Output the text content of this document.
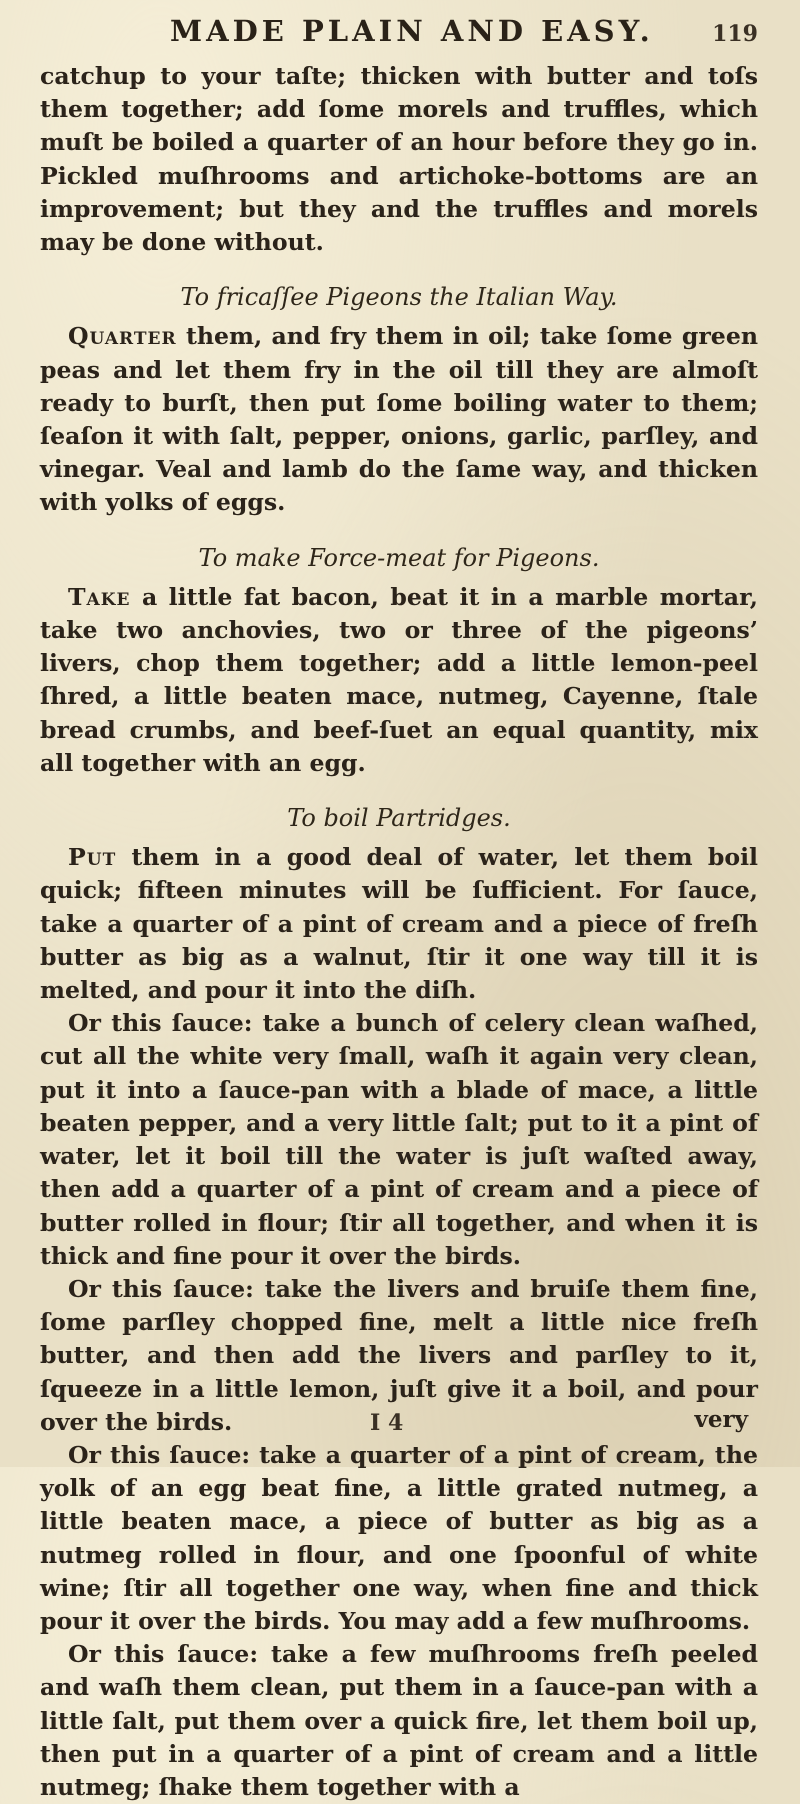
MADE PLAIN AND EASY.	119

catchup to your taſte; thicken with butter and toſs them together; add ſome morels and truffles, which muſt be boiled a quarter of an hour before they go in. Pickled muſhrooms and artichoke-bottoms are an improvement; but they and the truffles and morels may be done without.

To fricaſſee Pigeons the Italian Way.

Quarter them, and fry them in oil; take ſome green peas and let them fry in the oil till they are almoſt ready to burſt, then put ſome boiling water to them; ſeaſon it with ſalt, pepper, onions, garlic, parſley, and vinegar. Veal and lamb do the ſame way, and thicken with yolks of eggs.

To make Force-meat for Pigeons.

Take a little fat bacon, beat it in a marble mortar, take two anchovies, two or three of the pigeons’ livers, chop them together; add a little lemon-peel ſhred, a little beaten mace, nutmeg, Cayenne, ſtale bread crumbs, and beef-ſuet an equal quantity, mix all together with an egg.

To boil Partridges.

Put them in a good deal of water, let them boil quick; fifteen minutes will be ſufficient. For ſauce, take a quarter of a pint of cream and a piece of freſh butter as big as a walnut, ſtir it one way till it is melted, and pour it into the diſh.

Or this ſauce: take a bunch of celery clean waſhed, cut all the white very ſmall, waſh it again very clean, put it into a ſauce-pan with a blade of mace, a little beaten pepper, and a very little ſalt; put to it a pint of water, let it boil till the water is juſt waſted away, then add a quarter of a pint of cream and a piece of butter rolled in flour; ſtir all together, and when it is thick and fine pour it over the birds.

Or this ſauce: take the livers and bruiſe them fine, ſome parſley chopped fine, melt a little nice freſh butter, and then add the livers and parſley to it, ſqueeze in a little lemon, juſt give it a boil, and pour over the birds.

Or this ſauce: take a quarter of a pint of cream, the yolk of an egg beat fine, a little grated nutmeg, a little beaten mace, a piece of butter as big as a nutmeg rolled in flour, and one ſpoonful of white wine; ſtir all together one way, when fine and thick pour it over the birds. You may add a few muſhrooms.

Or this ſauce: take a few muſhrooms freſh peeled and waſh them clean, put them in a ſauce-pan with a little ſalt, put them over a quick fire, let them boil up, then put in a quarter of a pint of cream and a little nutmeg; ſhake them together with a

I 4	very
